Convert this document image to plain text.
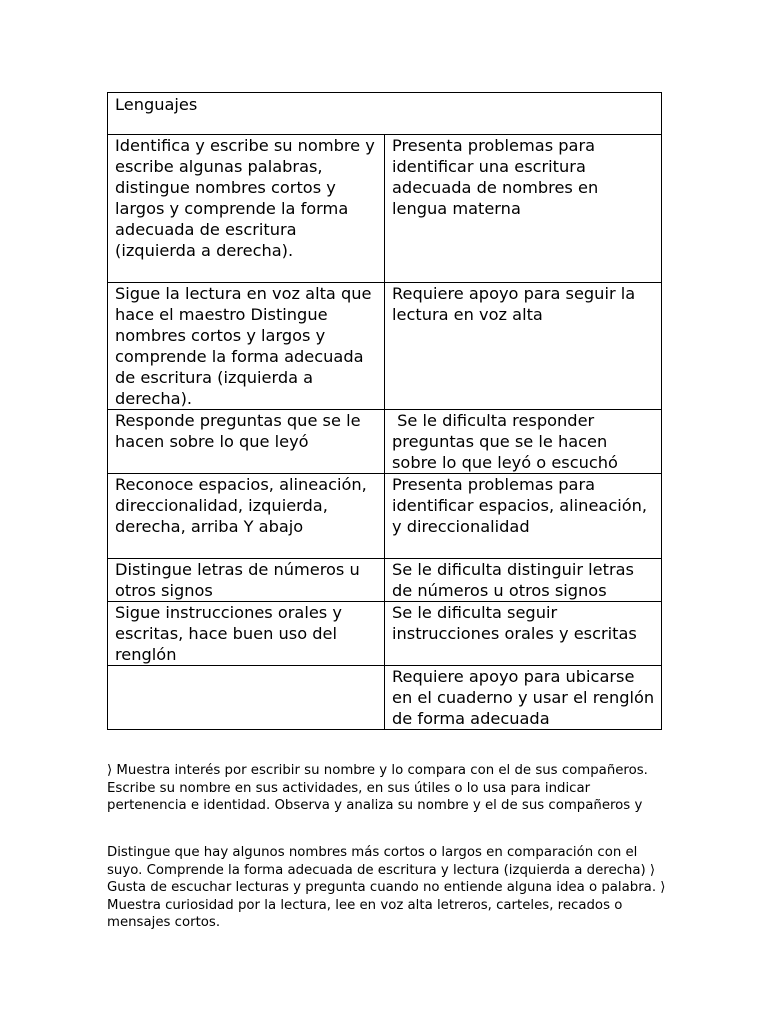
Lenguajes	
Identifica y escribe su nombre y escribe algunas palabras, distingue nombres cortos y largos y comprende la forma adecuada de escritura (izquierda a derecha).	Presenta problemas para identificar una escritura adecuada de nombres en lengua materna
Sigue la lectura en voz alta que hace el maestro Distingue nombres cortos y largos y comprende la forma adecuada de escritura (izquierda a derecha).	Requiere apoyo para seguir la lectura en voz alta
Responde preguntas que se le hacen sobre lo que leyó	Se le dificulta responder preguntas que se le hacen sobre lo que leyó o escuchó
Reconoce espacios, alineación, direccionalidad, izquierda, derecha, arriba Y abajo	Presenta problemas para identificar espacios, alineación, y direccionalidad
Distingue letras de números u otros signos	Se le dificulta distinguir letras de números u otros signos
Sigue instrucciones orales y escritas, hace buen uso del renglón	Se le dificulta seguir instrucciones orales y escritas
	Requiere apoyo para ubicarse en el cuaderno y usar el renglón de forma adecuada

⟩ Muestra interés por escribir su nombre y lo compara con el de sus compañeros. Escribe su nombre en sus actividades, en sus útiles o lo usa para indicar pertenencia e identidad. Observa y analiza su nombre y el de sus compañeros y

Distingue que hay algunos nombres más cortos o largos en comparación con el suyo. Comprende la forma adecuada de escritura y lectura (izquierda a derecha) ⟩ Gusta de escuchar lecturas y pregunta cuando no entiende alguna idea o palabra. ⟩ Muestra curiosidad por la lectura, lee en voz alta letreros, carteles, recados o mensajes cortos.
